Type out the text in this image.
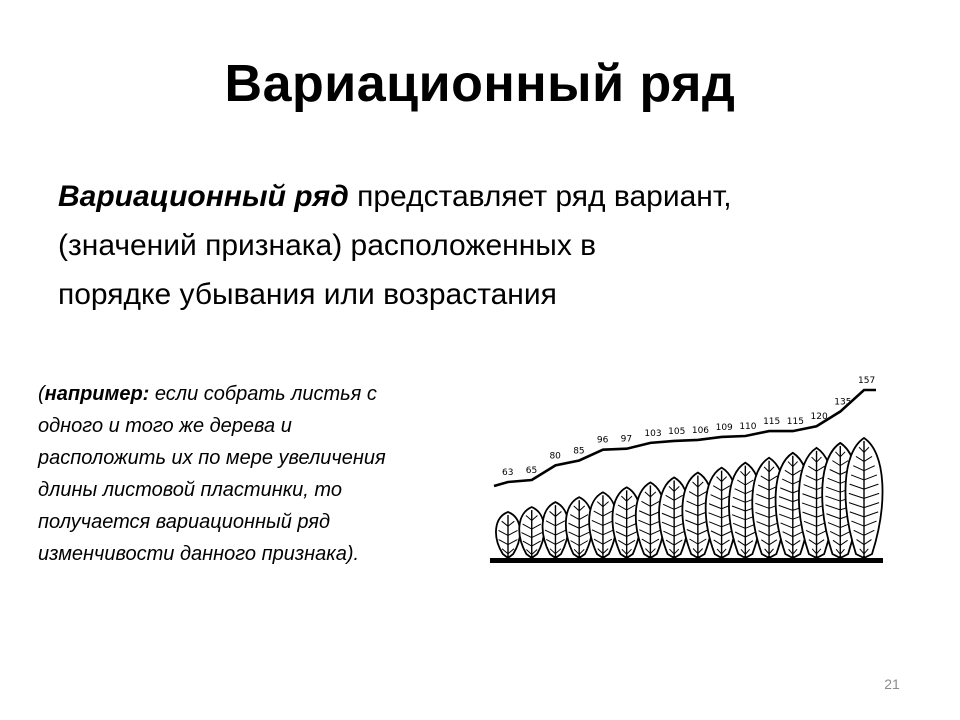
Вариационный ряд
Вариационный ряд представляет ряд вариант,
(значений признака) расположенных в
порядке убывания или возрастания
(например: если собрать листья с одного и того же дерева и расположить их по мере увеличения длины листовой пластинки, то получается вариационный ряд изменчивости данного признака).
63 65
80 85
96 97
103 105 106 109 110 115 115 120
135
157
21
